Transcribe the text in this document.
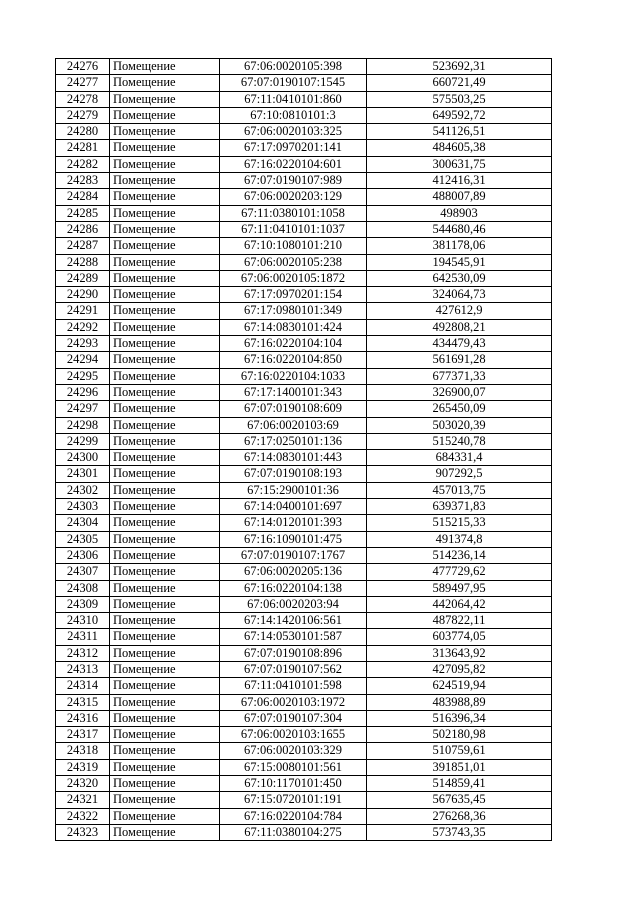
24276	Помещение	67:06:0020105:398	523692,31
24277	Помещение	67:07:0190107:1545	660721,49
24278	Помещение	67:11:0410101:860	575503,25
24279	Помещение	67:10:0810101:3	649592,72
24280	Помещение	67:06:0020103:325	541126,51
24281	Помещение	67:17:0970201:141	484605,38
24282	Помещение	67:16:0220104:601	300631,75
24283	Помещение	67:07:0190107:989	412416,31
24284	Помещение	67:06:0020203:129	488007,89
24285	Помещение	67:11:0380101:1058	498903
24286	Помещение	67:11:0410101:1037	544680,46
24287	Помещение	67:10:1080101:210	381178,06
24288	Помещение	67:06:0020105:238	194545,91
24289	Помещение	67:06:0020105:1872	642530,09
24290	Помещение	67:17:0970201:154	324064,73
24291	Помещение	67:17:0980101:349	427612,9
24292	Помещение	67:14:0830101:424	492808,21
24293	Помещение	67:16:0220104:104	434479,43
24294	Помещение	67:16:0220104:850	561691,28
24295	Помещение	67:16:0220104:1033	677371,33
24296	Помещение	67:17:1400101:343	326900,07
24297	Помещение	67:07:0190108:609	265450,09
24298	Помещение	67:06:0020103:69	503020,39
24299	Помещение	67:17:0250101:136	515240,78
24300	Помещение	67:14:0830101:443	684331,4
24301	Помещение	67:07:0190108:193	907292,5
24302	Помещение	67:15:2900101:36	457013,75
24303	Помещение	67:14:0400101:697	639371,83
24304	Помещение	67:14:0120101:393	515215,33
24305	Помещение	67:16:1090101:475	491374,8
24306	Помещение	67:07:0190107:1767	514236,14
24307	Помещение	67:06:0020205:136	477729,62
24308	Помещение	67:16:0220104:138	589497,95
24309	Помещение	67:06:0020203:94	442064,42
24310	Помещение	67:14:1420106:561	487822,11
24311	Помещение	67:14:0530101:587	603774,05
24312	Помещение	67:07:0190108:896	313643,92
24313	Помещение	67:07:0190107:562	427095,82
24314	Помещение	67:11:0410101:598	624519,94
24315	Помещение	67:06:0020103:1972	483988,89
24316	Помещение	67:07:0190107:304	516396,34
24317	Помещение	67:06:0020103:1655	502180,98
24318	Помещение	67:06:0020103:329	510759,61
24319	Помещение	67:15:0080101:561	391851,01
24320	Помещение	67:10:1170101:450	514859,41
24321	Помещение	67:15:0720101:191	567635,45
24322	Помещение	67:16:0220104:784	276268,36
24323	Помещение	67:11:0380104:275	573743,35
